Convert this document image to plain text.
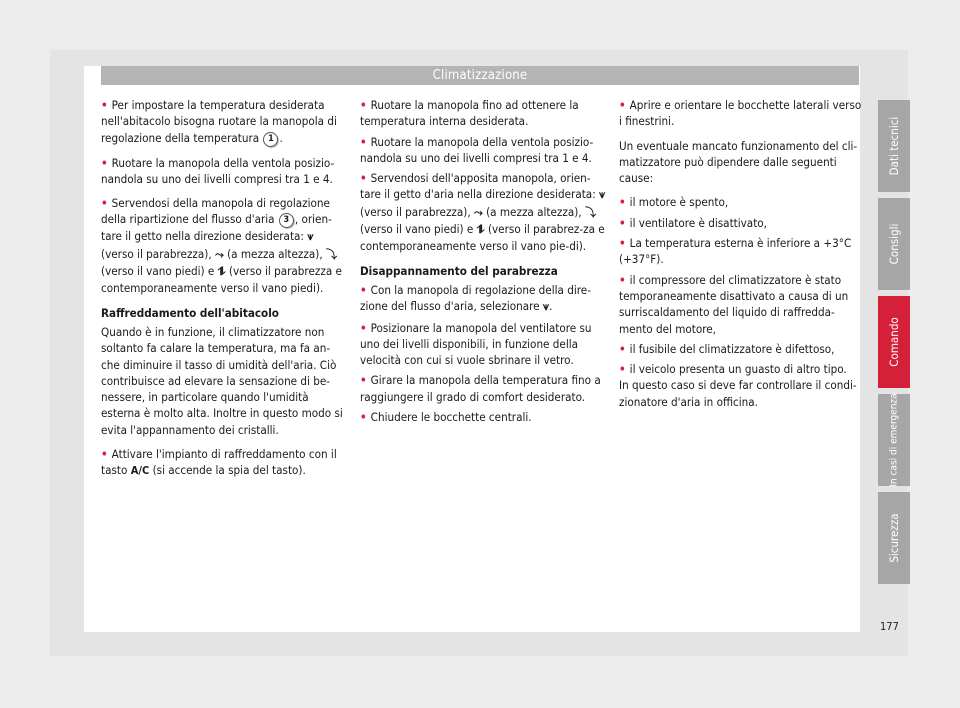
Climatizzazione

• Per impostare la temperatura desiderata nell'abitacolo bisogna ruotare la manopola di regolazione della temperatura 1 .

• Ruotare la manopola della ventola posizio-nandola su uno dei livelli compresi tra 1 e 4.

• Servendosi della manopola di regolazione della ripartizione del flusso d'aria 3 , orien-tare il getto nella direzione desiderata: ⩛ (verso il parabrezza), ⤳ (a mezza altezza), ⤵ (verso il vano piedi) e ⥮ (verso il parabrezza e contemporaneamente verso il vano piedi).

Raffreddamento dell'abitacolo

Quando è in funzione, il climatizzatore non soltanto fa calare la temperatura, ma fa an-che diminuire il tasso di umidità dell'aria. Ciò contribuisce ad elevare la sensazione di be-nessere, in particolare quando l'umidità esterna è molto alta. Inoltre in questo modo si evita l'appannamento dei cristalli.

• Attivare l'impianto di raffreddamento con il tasto A/C (si accende la spia del tasto).

• Ruotare la manopola fino ad ottenere la temperatura interna desiderata.

• Ruotare la manopola della ventola posizio-nandola su uno dei livelli compresi tra 1 e 4.

• Servendosi dell'apposita manopola, orien-tare il getto d'aria nella direzione desiderata: ⩛ (verso il parabrezza), ⤳ (a mezza altezza), ⤵ (verso il vano piedi) e ⥮ (verso il parabrez-za e contemporaneamente verso il vano pie-di).

Disappannamento del parabrezza

• Con la manopola di regolazione della dire-zione del flusso d'aria, selezionare ⩛.

• Posizionare la manopola del ventilatore su uno dei livelli disponibili, in funzione della velocità con cui si vuole sbrinare il vetro.

• Girare la manopola della temperatura fino a raggiungere il grado di comfort desiderato.

• Chiudere le bocchette centrali.

• Aprire e orientare le bocchette laterali verso i finestrini.

Un eventuale mancato funzionamento del cli-matizzatore può dipendere dalle seguenti cause:

• il motore è spento,

• il ventilatore è disattivato,

• La temperatura esterna è inferiore a +3°C (+37°F).

• il compressore del climatizzatore è stato temporaneamente disattivato a causa di un surriscaldamento del liquido di raffredda-mento del motore,

• il fusibile del climatizzatore è difettoso,

• il veicolo presenta un guasto di altro tipo.

In questo caso si deve far controllare il condi-zionatore d'aria in officina.

Dati tecnici
Consigli
Comando
In casi di emergenza
Sicurezza
177
